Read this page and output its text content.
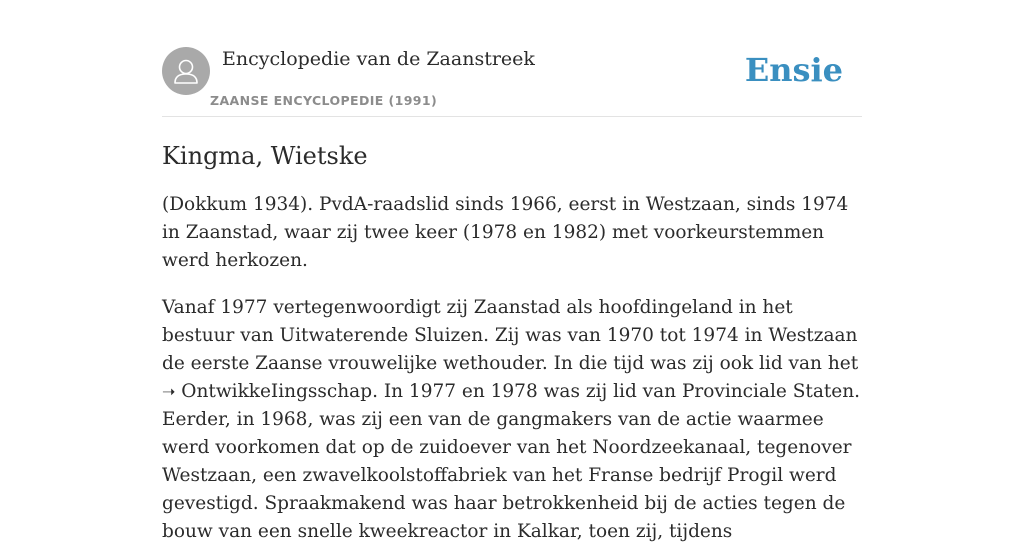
Encyclopedie van de Zaanstreek
ZAANSE ENCYCLOPEDIE (1991)
Ensie
Kingma, Wietske

(Dokkum 1934). PvdA-raadslid sinds 1966, eerst in Westzaan, sinds 1974 in Zaanstad, waar zij twee keer (1978 en 1982) met voorkeurstemmen werd herkozen.

Vanaf 1977 vertegenwoordigt zij Zaanstad als hoofdingeland in het bestuur van Uitwaterende Sluizen. Zij was van 1970 tot 1974 in Westzaan de eerste Zaanse vrouwelijke wethouder. In die tijd was zij ook lid van het ➝ OntwikkeIingsschap. In 1977 en 1978 was zij lid van Provinciale Staten. Eerder, in 1968, was zij een van de gangmakers van de actie waarmee werd voorkomen dat op de zuidoever van het Noordzeekanaal, tegenover Westzaan, een zwavelkoolstoffabriek van het Franse bedrijf Progil werd gevestigd. Spraakmakend was haar betrokkenheid bij de acties tegen de bouw van een snelle kweekreactor in Kalkar, toen zij, tijdens
